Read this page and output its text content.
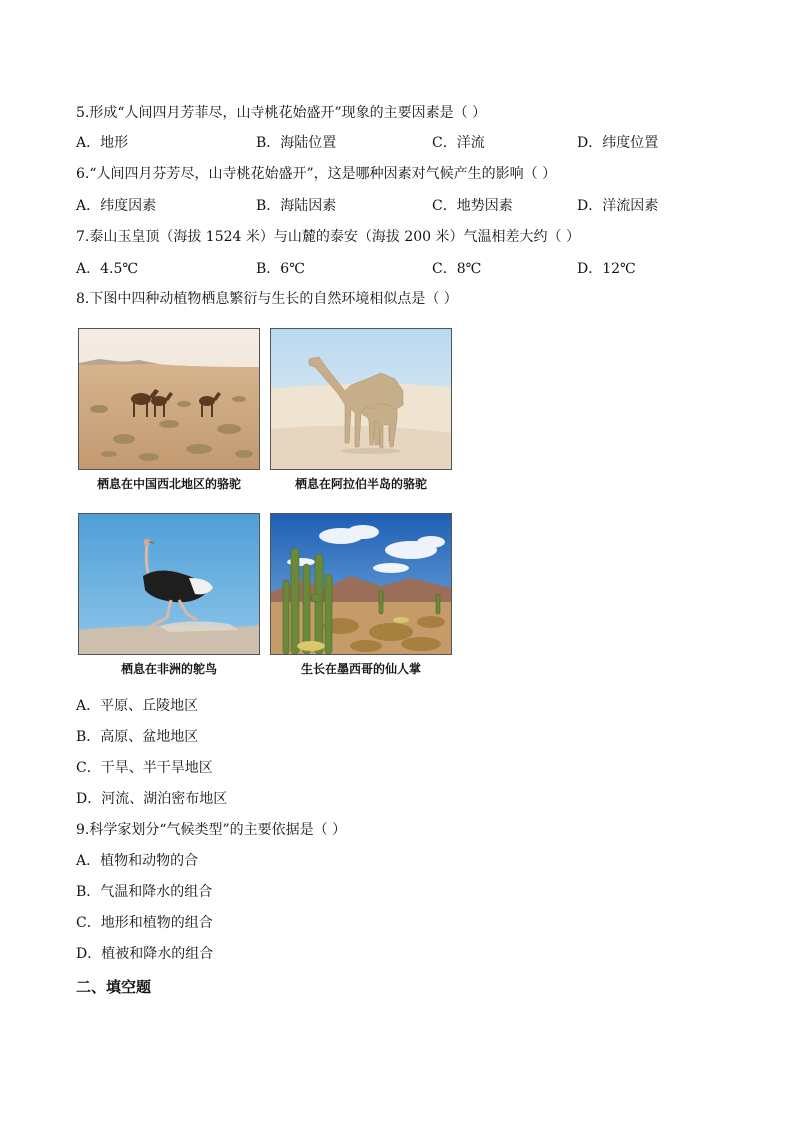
5.形成“人间四月芳菲尽，山寺桃花始盛开”现象的主要因素是（ ）
A．地形	B．海陆位置	C．洋流	D．纬度位置
6.“人间四月芬芳尽，山寺桃花始盛开”，这是哪种因素对气候产生的影响（ ）
A．纬度因素	B．海陆因素	C．地势因素	D．洋流因素
7.泰山玉皇顶（海拔 1524 米）与山麓的泰安（海拔 200 米）气温相差大约（ ）
A．4.5℃	B．6℃	C．8℃	D．12℃
8.下图中四种动植物栖息繁衍与生长的自然环境相似点是（ ）
栖息在中国西北地区的骆驼	栖息在阿拉伯半岛的骆驼
栖息在非洲的鸵鸟	生长在墨西哥的仙人掌
A．平原、丘陵地区
B．高原、盆地地区
C．干旱、半干旱地区
D．河流、湖泊密布地区
9.科学家划分“气候类型”的主要依据是（ ）
A．植物和动物的合
B．气温和降水的组合
C．地形和植物的组合
D．植被和降水的组合
二、填空题
